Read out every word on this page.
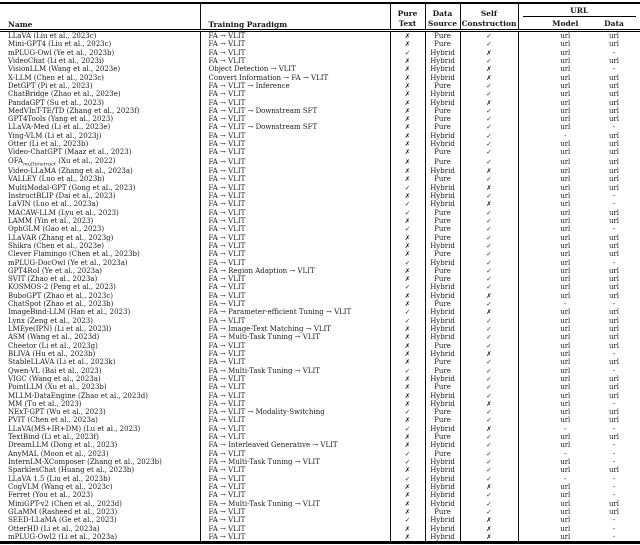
Name	Training Paradigm	Pure	Data	Self	URL	

		Text	Source	Construction	Model	Data
LLaVA (Liu et al., 2023c)	FA → VLIT	✗	Pure	✓	url	url
Mini-GPT4 (Liu et al., 2023c)	FA → VLIT	✗	Pure	✓	url	url
mPLUG-Owl (Ye et al., 2023b)	FA → VLIT	✓	Hybrid	✗	url	-
VideoChat (Li et al., 2023i)	FA → VLIT	✗	Hybrid	✓	url	url
VisionLLM (Wang et al., 2023e)	Object Detection → VLIT	✗	Hybrid	✗	url	-
X-LLM (Chen et al., 2023c)	Convert Information → FA → VLIT	✗	Hybrid	✗	url	url
DetGPT (Pi et al., 2023)	FA → VLIT → Inference	✗	Pure	✓	url	url
ChatBridge (Zhao et al., 2023e)	FA → VLIT	✗	Hybrid	✓	url	url
PandaGPT (Su et al., 2023)	FA → VLIT	✗	Hybrid	✗	url	url
MedVInT-TE/TD (Zhang et al., 2023f)	FA → VLIT → Downstream SFT	✗	Pure	✓	url	url
GPT4Tools (Yang et al., 2023)	FA → VLIT	✗	Pure	✓	url	url
LLaVA-Med (Li et al., 2023e)	FA → VLIT → Downstream SFT	✗	Pure	✓	url	-
Ying-VLM (Li et al., 2023j)	FA → VLIT	✗	Hybrid	✓	-	url
Otter (Li et al., 2023b)	FA → VLIT	✗	Hybrid	✓	url	url
Video-ChatGPT (Maaz et al., 2023)	FA → VLIT	✗	Pure	✓	url	url
$OFA_{multiinstruct}$ (Xu et al., 2022)	FA → VLIT	✗	Pure	✓	url	url
Video-LLaMA (Zhang et al., 2023a)	FA → VLIT	✗	Hybrid	✗	url	url
VALLEY (Luo et al., 2023b)	FA → VLIT	✗	Pure	✓	url	url
MultiModal-GPT (Gong et al., 2023)	FA → VLIT	✓	Hybrid	✗	url	url
InstructBLIP (Dai et al., 2023)	FA → VLIT	✗	Hybrid	✓	url	-
LaVIN (Luo et al., 2023a)	FA → VLIT	✓	Hybrid	✗	url	-
MACAW-LLM (Lyu et al., 2023)	FA → VLIT	✓	Pure	✓	url	url
LAMM (Yin et al., 2023)	FA → VLIT	✗	Pure	✓	url	url
OphGLM (Gao et al., 2023)	FA → VLIT	✓	Pure	✓	url	-
LLaVAR (Zhang et al., 2023g)	FA → VLIT	✗	Pure	✓	url	url
Shikra (Chen et al., 2023e)	FA → VLIT	✗	Hybrid	✓	url	url
Clever Flamingo (Chen et al., 2023b)	FA → VLIT	✗	Pure	✓	url	url
mPLUG-DocOwl (Ye et al., 2023a)	FA → VLIT	✓	Hybrid	✓	url	-
GPT4RoI (Ye et al., 2023a)	FA → Region Adaption → VLIT	✗	Pure	✓	url	url
SVIT (Zhao et al., 2023a)	FA → VLIT	✗	Pure	✓	url	url
KOSMOS-2 (Peng et al., 2023)	FA → VLIT	✓	Hybrid	✓	url	url
BuboGPT (Zhao et al., 2023c)	FA → VLIT	✗	Hybrid	✗	url	url
ChatSpot (Zhao et al., 2023b)	FA → VLIT	✗	Pure	✓	-	-
ImageBind-LLM (Han et al., 2023)	FA → Parameter-efficient Tuning → VLIT	✓	Hybrid	✗	url	url
Lynx (Zeng et al., 2023)	FA → VLIT	✓	Hybrid	✓	url	url
LMEye(IPN) (Li et al., 2023l)	FA → Image-Text Matching → VLIT	✗	Hybrid	✓	url	url
ASM (Wang et al., 2023d)	FA → Multi-Task Tuning → VLIT	✗	Hybrid	✓	url	url
Cheetor (Li et al., 2023g)	FA → VLIT	✗	Pure	✓	url	url
BLIVA (Hu et al., 2023b)	FA → VLIT	✗	Hybrid	✗	url	-
StableLLAVA (Li et al., 2023k)	FA → VLIT	✗	Pure	✓	url	url
Qwen-VL (Bai et al., 2023)	FA → Multi-Task Tuning → VLIT	✓	Pure	✓	url	-
VIGC (Wang et al., 2023a)	FA → VLIT	✗	Hybrid	✓	url	url
PointLLM (Xu et al., 2023b)	FA → VLIT	✗	Pure	✓	url	url
MLLM-DataEngine (Zhao et al., 2023d)	FA → VLIT	✗	Hybrid	✓	url	url
MM (Tu et al., 2023)	FA → VLIT	✗	Hybrid	✗	url	-
NExT-GPT (Wu et al., 2023)	FA → VLIT → Modality-Switching	✓	Pure	✓	url	url
PVIT (Chen et al., 2023a)	FA → VLIT	✗	Pure	✓	url	url
LLaVA(MS+IR+DM) (Lu et al., 2023)	FA → VLIT	✓	Hybrid	✗	-	-
TextBind (Li et al., 2023f)	FA → VLIT	✗	Pure	✓	url	url
DreamLLM (Dong et al., 2023)	FA → Interleaved Generative → VLIT	✗	Hybrid	✓	url	-
AnyMAL (Moon et al., 2023)	FA → VLIT	✓	Pure	✓	-	-
InternLM-XComposer (Zhang et al., 2023b)	FA → Multi-Task Tuning → VLIT	✓	Hybrid	✓	url	-
SparklesChat (Huang et al., 2023b)	FA → VLIT	✗	Hybrid	✓	url	url
LLaVA 1.5 (Liu et al., 2023b)	FA → VLIT	✓	Hybrid	✓	-	-
CogVLM (Wang et al., 2023c)	FA → VLIT	✗	Hybrid	✗	url	-
Ferret (You et al., 2023)	FA → VLIT	✗	Hybrid	✓	url	-
MiniGPT-v2 (Chen et al., 2023d)	FA → Multi-Task Tuning → VLIT	✗	Hybrid	✓	url	url
GLaMM (Rasheed et al., 2023)	FA → VLIT	✗	Pure	✓	url	url
SEED-LLaMA (Ge et al., 2023)	FA → VLIT	✓	Hybrid	✗	url	-
OtterHD (Li et al., 2023a)	FA → VLIT	✗	Hybrid	✗	url	-
mPLUG-Owl2 (Li et al., 2023a)	FA → VLIT	✗	Hybrid	✗	url	-
